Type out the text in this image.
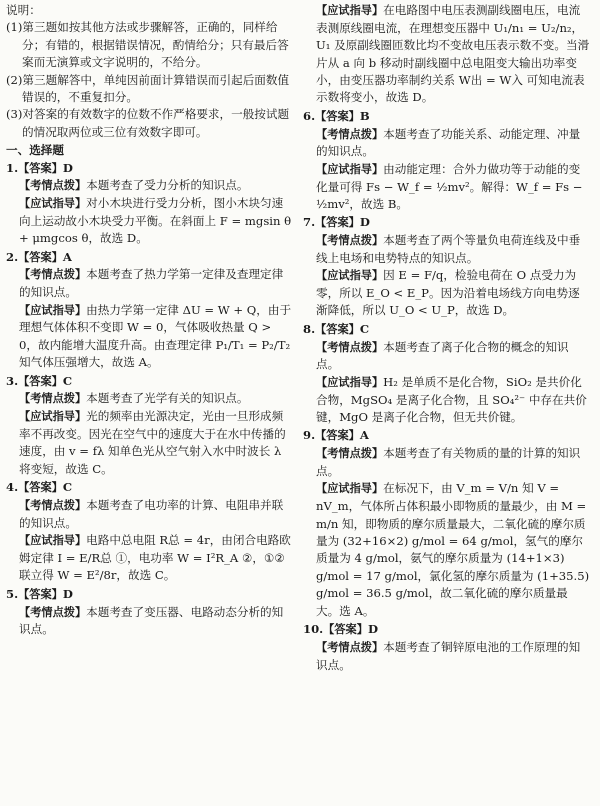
说明：

(1)第三题如按其他方法或步骤解答，正确的，同样给分；有错的，根据错误情况，酌情给分；只有最后答案而无演算或文字说明的，不给分。

(2)第三题解答中，单纯因前面计算错误而引起后面数值错误的，不重复扣分。

(3)对答案的有效数字的位数不作严格要求，一般按试题的情况取两位或三位有效数字即可。

一、选择题

1.【答案】D

【考情点拨】本题考查了受力分析的知识点。

【应试指导】对小木块进行受力分析，图小木块匀速向上运动故小木块受力平衡。在斜面上 F = mgsin θ + μmgcos θ，故选 D。

2.【答案】A

【考情点拨】本题考查了热力学第一定律及查理定律的知识点。

【应试指导】由热力学第一定律 ΔU = W + Q，由于理想气体体积不变即 W = 0，气体吸收热量 Q > 0，故内能增大温度升高。由查理定律 P₁/T₁ = P₂/T₂ 知气体压强增大，故选 A。

3.【答案】C

【考情点拨】本题考查了光学有关的知识点。

【应试指导】光的频率由光源决定，光由一旦形成频率不再改变。因光在空气中的速度大于在水中传播的速度，由 v = fλ 知单色光从空气射入水中时波长 λ 将变短，故选 C。

4.【答案】C

【考情点拨】本题考查了电功率的计算、电阻串并联的知识点。

【应试指导】电路中总电阻 R总 = 4r，由闭合电路欧姆定律 I = E/R总 ①，电功率 W = I²R_A ②，①②联立得 W = E²/8r，故选 C。

5.【答案】D

【考情点拨】本题考查了变压器、电路动态分析的知识点。

【应试指导】在电路图中电压表测副线圈电压，电流表测原线圈电流，在理想变压器中 U₁/n₁ = U₂/n₂，U₁ 及原副线圈匝数比均不变故电压表示数不变。当滑片从 a 向 b 移动时副线圈中总电阻变大输出功率变小，由变压器功率制约关系 W出 = W入 可知电流表示数将变小，故选 D。

6.【答案】B

【考情点拨】本题考查了功能关系、动能定理、冲量的知识点。

【应试指导】由动能定理：合外力做功等于动能的变化量可得 Fs − W_f = ½mv²。解得：W_f = Fs − ½mv²，故选 B。

7.【答案】D

【考情点拨】本题考查了两个等量负电荷连线及中垂线上电场和电势特点的知识点。

【应试指导】因 E = F/q，检验电荷在 O 点受力为零，所以 E_O < E_P。因为沿着电场线方向电势逐渐降低，所以 U_O < U_P，故选 D。

8.【答案】C

【考情点拨】本题考查了离子化合物的概念的知识点。

【应试指导】H₂ 是单质不是化合物，SiO₂ 是共价化合物，MgSO₄ 是离子化合物，且 SO₄²⁻ 中存在共价键，MgO 是离子化合物，但无共价键。

9.【答案】A

【考情点拨】本题考查了有关物质的量的计算的知识点。

【应试指导】在标况下，由 V_m = V/n 知 V = nV_m，气体所占体积最小即物质的量最少，由 M = m/n 知，即物质的摩尔质量最大，二氧化硫的摩尔质量为 (32+16×2) g/mol = 64 g/mol，氢气的摩尔质量为 4 g/mol，氨气的摩尔质量为 (14+1×3) g/mol = 17 g/mol，氯化氢的摩尔质量为 (1+35.5) g/mol = 36.5 g/mol，故二氧化硫的摩尔质量最大。选 A。

10.【答案】D

【考情点拨】本题考查了铜锌原电池的工作原理的知识点。
